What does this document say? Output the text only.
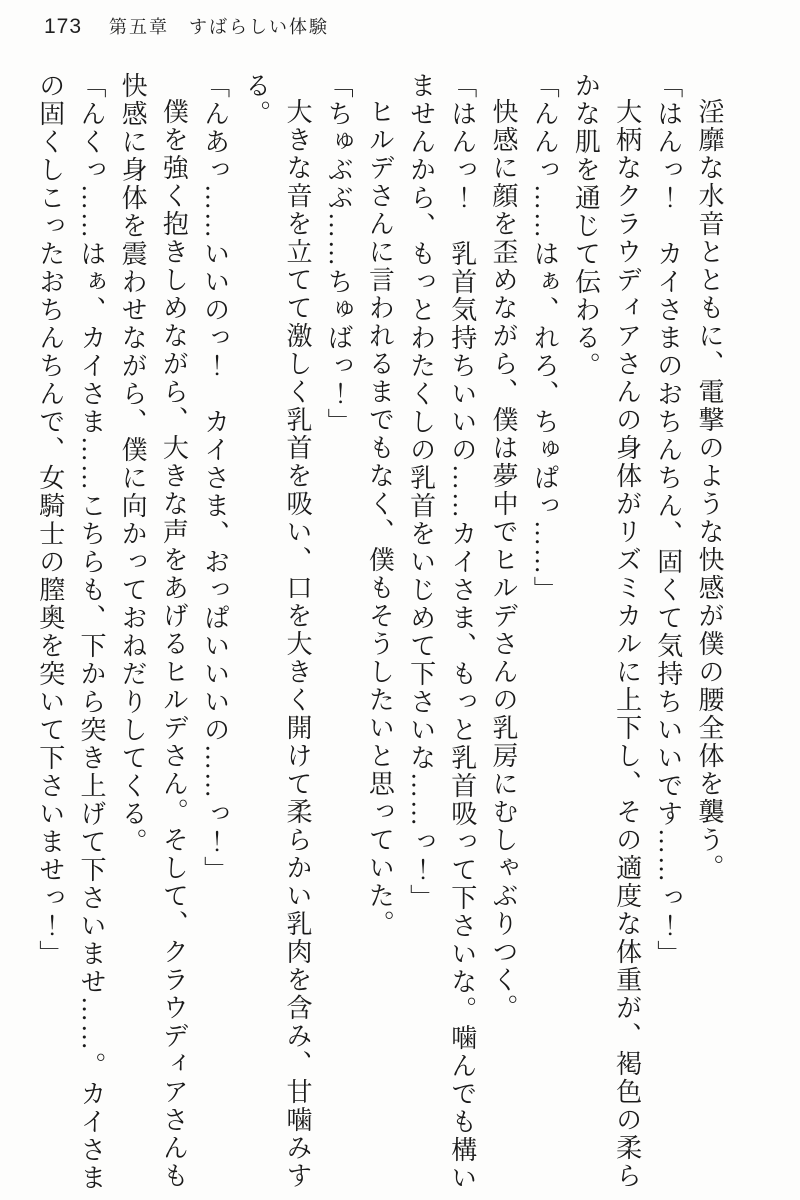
173 第五章　すばらしい体験

淫靡な水音とともに、電撃のような快感が僕の腰全体を襲う。

「はんっ！　カイさまのおちんちん、固くて気持ちいいです……っ！」

大柄なクラウディアさんの身体がリズミカルに上下し、その適度な体重が、褐色の柔らかな肌を通じて伝わる。

「んんっ……はぁ、れろ、ちゅぱっ……」

快感に顔を歪めながら、僕は夢中でヒルデさんの乳房にむしゃぶりつく。

「はんっ！　乳首気持ちいいの……カイさま、もっと乳首吸って下さいな。噛んでも構いませんから、もっとわたくしの乳首をいじめて下さいな……っ！」

ヒルデさんに言われるまでもなく、僕もそうしたいと思っていた。

「ちゅぶぶ……ちゅばっ！」

大きな音を立てて激しく乳首を吸い、口を大きく開けて柔らかい乳肉を含み、甘噛みする。

「んあっ……いいのっ！　カイさま、おっぱいいいの……っ！」

僕を強く抱きしめながら、大きな声をあげるヒルデさん。そして、クラウディアさんも快感に身体を震わせながら、僕に向かっておねだりしてくる。

「んくっ……はぁ、カイさま……こちらも、下から突き上げて下さいませ……。カイさまの固くしこったおちんちんで、女騎士の膣奥を突いて下さいませっ！」
